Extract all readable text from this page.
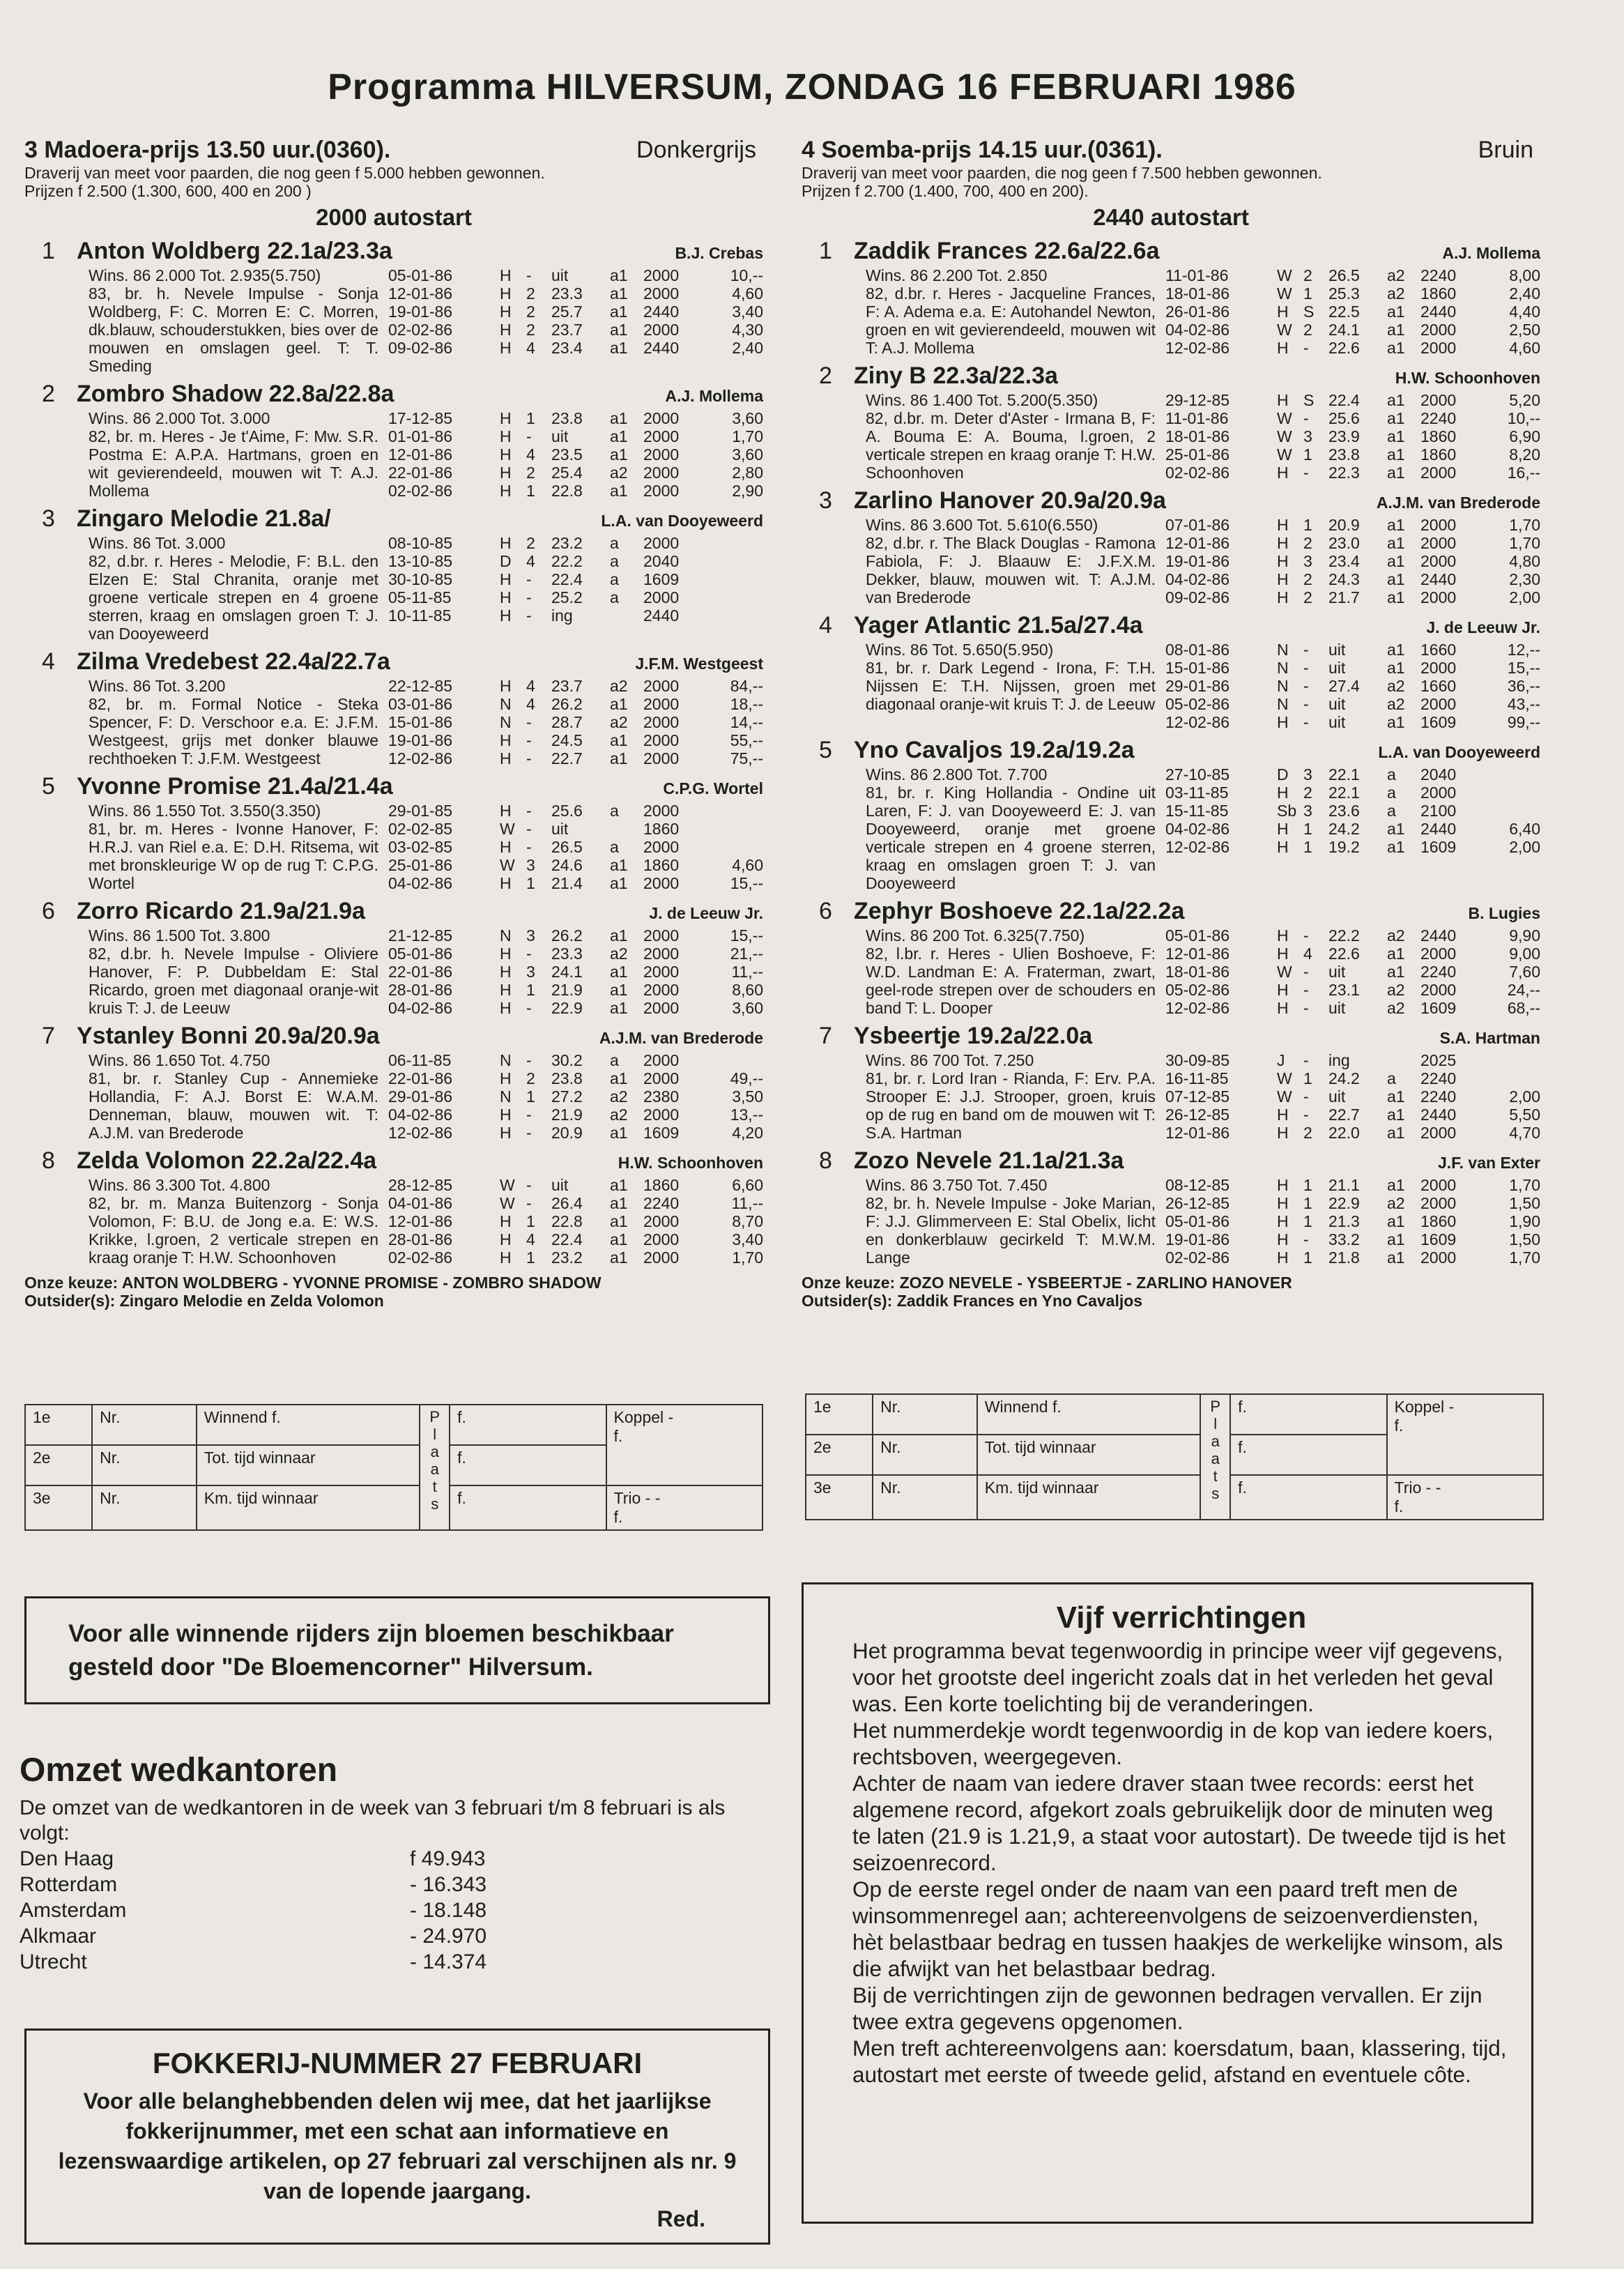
Programma HILVERSUM, ZONDAG 16 FEBRUARI 1986
3 Madoera-prijs 13.50 uur.(0360).	Donkergrijs
Draverij van meet voor paarden, die nog geen f 5.000 hebben gewonnen.
Prijzen f 2.500 (1.300, 600, 400 en 200 )
2000 autostart
1 Anton Woldberg 22.1a/23.3a	B.J. Crebas
Wins. 86 2.000 Tot. 2.935(5.750)
83, br. h. Nevele Impulse - Sonja Woldberg, F: C. Morren E: C. Morren, dk.blauw, schouderstukken, bies over de mouwen en omslagen geel. T: T. Smeding
05-01-86	H -	uit	a1 2000	10,--
12-01-86	H 2	23.3	a1 2000	4,60
19-01-86	H 2	25.7	a1 2440	3,40
02-02-86	H 2	23.7	a1 2000	4,30
09-02-86	H 4	23.4	a1 2440	2,40
2 Zombro Shadow 22.8a/22.8a	A.J. Mollema
Wins. 86 2.000 Tot. 3.000
82, br. m. Heres - Je t'Aime, F: Mw. S.R. Postma E: A.P.A. Hartmans, groen en wit gevierendeeld, mouwen wit T: A.J. Mollema
17-12-85	H 1	23.8	a1 2000	3,60
01-01-86	H -	uit	a1 2000	1,70
12-01-86	H 4	23.5	a1 2000	3,60
22-01-86	H 2	25.4	a2 2000	2,80
02-02-86	H 1	22.8	a1 2000	2,90
3 Zingaro Melodie 21.8a/	L.A. van Dooyeweerd
Wins. 86 Tot. 3.000
82, d.br. r. Heres - Melodie, F: B.L. den Elzen E: Stal Chranita, oranje met groene verticale strepen en 4 groene sterren, kraag en omslagen groen T: J. van Dooyeweerd
08-10-85	H 2	23.2	a	2000
13-10-85	D 4	22.2	a	2040
30-10-85	H -	22.4	a	1609
05-11-85	H -	25.2	a	2000
10-11-85	H -	ing	2440
4 Zilma Vredebest 22.4a/22.7a	J.F.M. Westgeest
Wins. 86 Tot. 3.200
82, br. m. Formal Notice - Steka Spencer, F: D. Verschoor e.a. E: J.F.M. Westgeest, grijs met donker blauwe rechthoeken T: J.F.M. Westgeest
22-12-85	H 4	23.7	a2 2000	84,--
03-01-86	N 4	26.2	a1 2000	18,--
15-01-86	N -	28.7	a2 2000	14,--
19-01-86	H -	24.5	a1 2000	55,--
12-02-86	H -	22.7	a1 2000	75,--
5 Yvonne Promise 21.4a/21.4a	C.P.G. Wortel
Wins. 86 1.550 Tot. 3.550(3.350)
81, br. m. Heres - Ivonne Hanover, F: H.R.J. van Riel e.a. E: D.H. Ritsema, wit met bronskleurige W op de rug T: C.P.G. Wortel
29-01-85	H -	25.6	a	2000
02-02-85	W -	uit	1860
03-02-85	H -	26.5	a	2000
25-01-86	W 3	24.6	a1 1860	4,60
04-02-86	H 1	21.4	a1 2000	15,--
6 Zorro Ricardo 21.9a/21.9a	J. de Leeuw Jr.
Wins. 86 1.500 Tot. 3.800
82, d.br. h. Nevele Impulse - Oliviere Hanover, F: P. Dubbeldam E: Stal Ricardo, groen met diagonaal oranje-wit kruis T: J. de Leeuw
21-12-85	N 3	26.2	a1 2000	15,--
05-01-86	H -	23.3	a2 2000	21,--
22-01-86	H 3	24.1	a1 2000	11,--
28-01-86	H 1	21.9	a1 2000	8,60
04-02-86	H -	22.9	a1 2000	3,60
7 Ystanley Bonni 20.9a/20.9a	A.J.M. van Brederode
Wins. 86 1.650 Tot. 4.750
81, br. r. Stanley Cup - Annemieke Hollandia, F: A.J. Borst E: W.A.M. Denneman, blauw, mouwen wit. T: A.J.M. van Brederode
06-11-85	N -	30.2	a	2000
22-01-86	H 2	23.8	a1 2000	49,--
29-01-86	N 1	27.2	a2 2380	3,50
04-02-86	H -	21.9	a2 2000	13,--
12-02-86	H -	20.9	a1 1609	4,20
8 Zelda Volomon 22.2a/22.4a	H.W. Schoonhoven
Wins. 86 3.300 Tot. 4.800
82, br. m. Manza Buitenzorg - Sonja Volomon, F: B.U. de Jong e.a. E: W.S. Krikke, l.groen, 2 verticale strepen en kraag oranje T: H.W. Schoonhoven
28-12-85	W -	uit	a1 1860	6,60
04-01-86	W -	26.4	a1 2240	11,--
12-01-86	H 1	22.8	a1 2000	8,70
28-01-86	H 4	22.4	a1 2000	3,40
02-02-86	H 1	23.2	a1 2000	1,70
Onze keuze: ANTON WOLDBERG - YVONNE PROMISE - ZOMBRO SHADOW
Outsider(s): Zingaro Melodie en Zelda Volomon
4 Soemba-prijs 14.15 uur.(0361).	Bruin
Draverij van meet voor paarden, die nog geen f 7.500 hebben gewonnen.
Prijzen f 2.700 (1.400, 700, 400 en 200).
2440 autostart
1 Zaddik Frances 22.6a/22.6a	A.J. Mollema
Wins. 86 2.200 Tot. 2.850
82, d.br. r. Heres - Jacqueline Frances, F: A. Adema e.a. E: Autohandel Newton, groen en wit gevierendeeld, mouwen wit T: A.J. Mollema
11-01-86	W 2	26.5	a2 2240	8,00
18-01-86	W 1	25.3	a2 1860	2,40
26-01-86	H S 22.5	a1 2440	4,40
04-02-86	W 2	24.1	a1 2000	2,50
12-02-86	H -	22.6	a1 2000	4,60
2 Ziny B 22.3a/22.3a	H.W. Schoonhoven
Wins. 86 1.400 Tot. 5.200(5.350)
82, d.br. m. Deter d'Aster - Irmana B, F: A. Bouma E: A. Bouma, l.groen, 2 verticale strepen en kraag oranje T: H.W. Schoonhoven
29-12-85	H S 22.4	a1 2000	5,20
11-01-86	W -	25.6	a1 2240	10,--
18-01-86	W 3	23.9	a1 1860	6,90
25-01-86	W 1	23.8	a1 1860	8,20
02-02-86	H -	22.3	a1 2000	16,--
3 Zarlino Hanover 20.9a/20.9a	A.J.M. van Brederode
Wins. 86 3.600 Tot. 5.610(6.550)
82, d.br. r. The Black Douglas - Ramona Fabiola, F: J. Blaauw E: J.F.X.M. Dekker, blauw, mouwen wit. T: A.J.M. van Brederode
07-01-86	H 1	20.9	a1 2000	1,70
12-01-86	H 2	23.0	a1 2000	1,70
19-01-86	H 3	23.4	a1 2000	4,80
04-02-86	H 2	24.3	a1 2440	2,30
09-02-86	H 2	21.7	a1 2000	2,00
4 Yager Atlantic 21.5a/27.4a	J. de Leeuw Jr.
Wins. 86 Tot. 5.650(5.950)
81, br. r. Dark Legend - Irona, F: T.H. Nijssen E: T.H. Nijssen, groen met diagonaal oranje-wit kruis T: J. de Leeuw
08-01-86	N -	uit	a1 1660	12,--
15-01-86	N -	uit	a1 2000	15,--
29-01-86	N -	27.4	a2 1660	36,--
05-02-86	N -	uit	a2 2000	43,--
12-02-86	H -	uit	a1 1609	99,--
5 Yno Cavaljos 19.2a/19.2a	L.A. van Dooyeweerd
Wins. 86 2.800 Tot. 7.700
81, br. r. King Hollandia - Ondine uit Laren, F: J. van Dooyeweerd E: J. van Dooyeweerd, oranje met groene verticale strepen en 4 groene sterren, kraag en omslagen groen T: J. van Dooyeweerd
27-10-85	D 3	22.1	a	2040
03-11-85	H 2	22.1	a	2000
15-11-85	Sb 3	23.6	a	2100
04-02-86	H 1	24.2	a1 2440	6,40
12-02-86	H 1	19.2	a1 1609	2,00
6 Zephyr Boshoeve 22.1a/22.2a	B. Lugies
Wins. 86 200 Tot. 6.325(7.750)
82, l.br. r. Heres - Ulien Boshoeve, F: W.D. Landman E: A. Fraterman, zwart, geel-rode strepen over de schouders en band T: L. Dooper
05-01-86	H -	22.2	a2 2440	9,90
12-01-86	H 4	22.6	a1 2000	9,00
18-01-86	W -	uit	a1 2240	7,60
05-02-86	H -	23.1	a2 2000	24,--
12-02-86	H -	uit	a2 1609	68,--
7 Ysbeertje 19.2a/22.0a	S.A. Hartman
Wins. 86 700 Tot. 7.250
81, br. r. Lord Iran - Rianda, F: Erv. P.A. Strooper E: J.J. Strooper, groen, kruis op de rug en band om de mouwen wit T: S.A. Hartman
30-09-85	J	-	ing	2025
16-11-85	W 1	24.2	a	2240
07-12-85	W -	uit	a1 2240	2,00
26-12-85	H -	22.7	a1 2440	5,50
12-01-86	H 2	22.0	a1 2000	4,70
8 Zozo Nevele 21.1a/21.3a	J.F. van Exter
Wins. 86 3.750 Tot. 7.450
82, br. h. Nevele Impulse - Joke Marian, F: J.J. Glimmerveen E: Stal Obelix, licht en donkerblauw gecirkeld T: M.W.M. Lange
08-12-85	H 1	21.1	a1 2000	1,70
26-12-85	H 1	22.9	a2 2000	1,50
05-01-86	H 1	21.3	a1 1860	1,90
19-01-86	H -	33.2	a1 1609	1,50
02-02-86	H 1	21.8	a1 2000	1,70
Onze keuze: ZOZO NEVELE - YSBEERTJE - ZARLINO HANOVER
Outsider(s): Zaddik Frances en Yno Cavaljos
1e	Nr.	Winnend f.	P l a a t s	f.	Koppel -
f.

2e	Nr.	Tot. tijd winnaar		f.	
3e	Nr.	Km. tijd winnaar		f.	Trio - -
f.
1e	Nr.	Winnend f.	P l a a t s	f.	Koppel -
f.

2e	Nr.	Tot. tijd winnaar		f.	
3e	Nr.	Km. tijd winnaar		f.	Trio - -
f.
Voor alle winnende rijders zijn bloemen beschikbaar gesteld door "De Bloemencorner" Hilversum.
Omzet wedkantoren
De omzet van de wedkantoren in de week van 3 februari t/m 8 februari is als volgt:
Den Haag	f 49.943
Rotterdam	- 16.343
Amsterdam	- 18.148
Alkmaar	- 24.970
Utrecht	- 14.374
FOKKERIJ-NUMMER 27 FEBRUARI
Voor alle belanghebbenden delen wij mee, dat het jaarlijkse fokkerijnummer, met een schat aan informatieve en lezenswaardige artikelen, op 27 februari zal verschijnen als nr. 9 van de lopende jaargang.
Red.
Vijf verrichtingen

Het programma bevat tegenwoordig in principe weer vijf gegevens, voor het grootste deel ingericht zoals dat in het verleden het geval was. Een korte toelichting bij de veranderingen.

Het nummerdekje wordt tegenwoordig in de kop van iedere koers, rechtsboven, weergegeven.

Achter de naam van iedere draver staan twee records: eerst het algemene record, afgekort zoals gebruikelijk door de minuten weg te laten (21.9 is 1.21,9, a staat voor autostart). De tweede tijd is het seizoenrecord.

Op de eerste regel onder de naam van een paard treft men de winsommenregel aan; achtereenvolgens de seizoenverdiensten, hèt belastbaar bedrag en tussen haakjes de werkelijke winsom, als die afwijkt van het belastbaar bedrag.

Bij de verrichtingen zijn de gewonnen bedragen vervallen. Er zijn twee extra gegevens opgenomen.

Men treft achtereenvolgens aan: koersdatum, baan, klassering, tijd, autostart met eerste of tweede gelid, afstand en eventuele côte.
